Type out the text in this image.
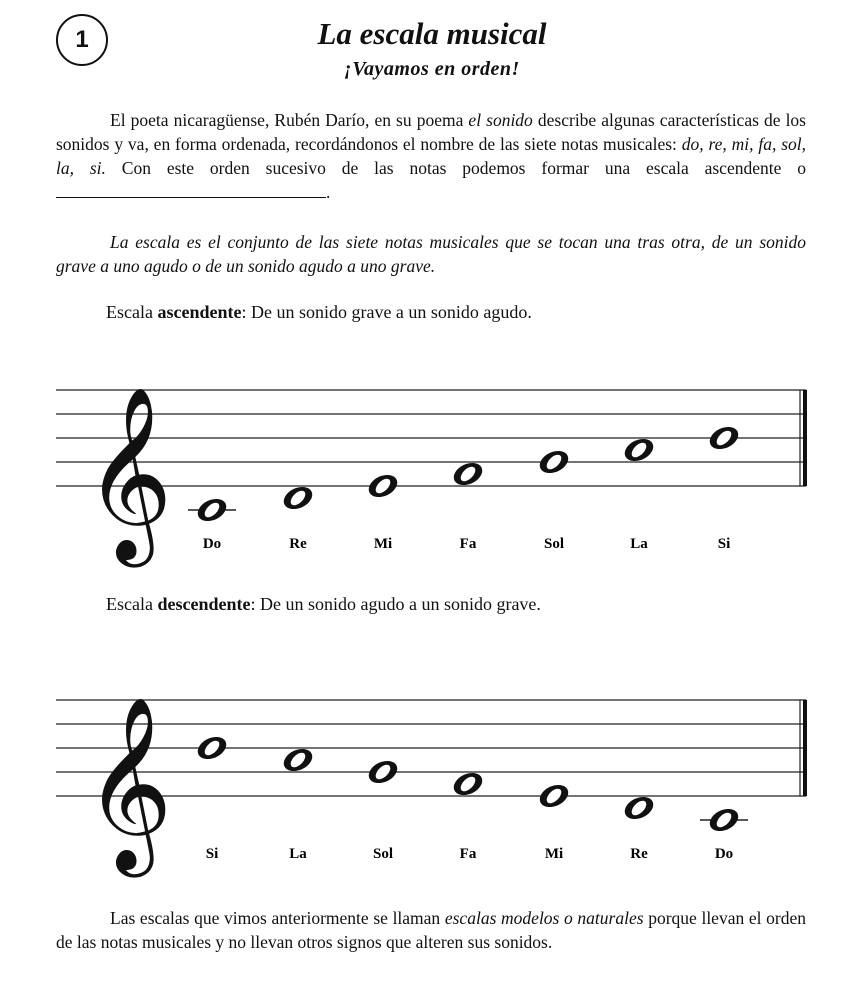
1	La escala musical
¡Vayamos en orden!
El poeta nicaragüense, Rubén Darío, en su poema el sonido describe algunas características de los sonidos y va, en forma ordenada, recordándonos el nombre de las siete notas musicales: do, re, mi, fa, sol, la, si. Con este orden sucesivo de las notas podemos formar una escala ascendente o .
La escala es el conjunto de las siete notas musicales que se tocan una tras otra, de un sonido grave a uno agudo o de un sonido agudo a uno grave.
Escala ascendente: De un sonido grave a un sonido agudo.
𝄞 Do	Re	Mi	Fa	Sol	La	Si
Escala descendente: De un sonido agudo a un sonido grave.
𝄞 Si	La	Sol	Fa	Mi	Re	Do
Las escalas que vimos anteriormente se llaman escalas modelos o naturales porque llevan el orden de las notas musicales y no llevan otros signos que alteren sus sonidos.
